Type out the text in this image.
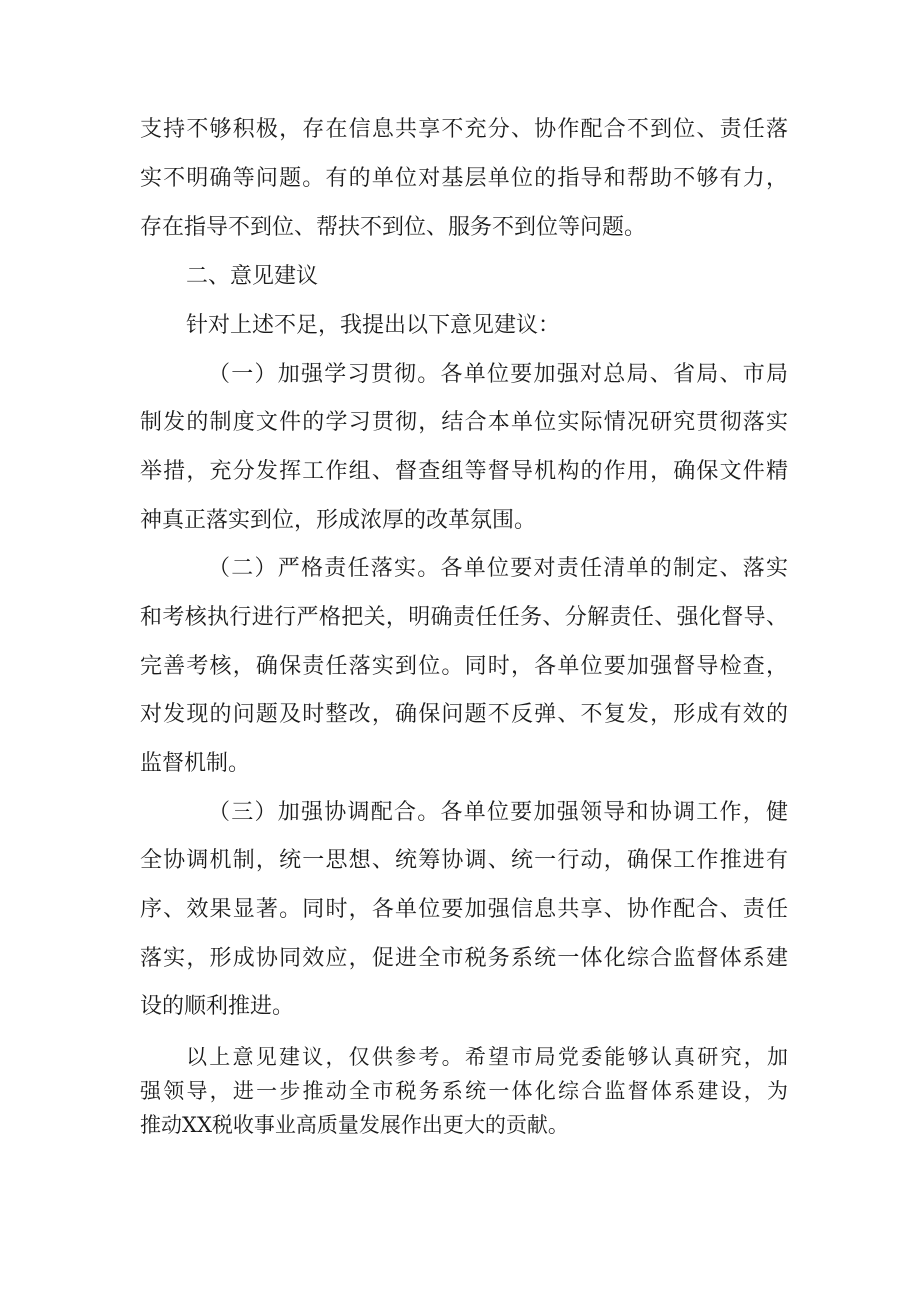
支持不够积极，存在信息共享不充分、协作配合不到位、责任落
实不明确等问题。有的单位对基层单位的指导和帮助不够有力，
存在指导不到位、帮扶不到位、服务不到位等问题。
二、意见建议
针对上述不足，我提出以下意见建议：
（一）加强学习贯彻。各单位要加强对总局、省局、市局
制发的制度文件的学习贯彻，结合本单位实际情况研究贯彻落实
举措，充分发挥工作组、督查组等督导机构的作用，确保文件精
神真正落实到位，形成浓厚的改革氛围。
（二）严格责任落实。各单位要对责任清单的制定、落实
和考核执行进行严格把关，明确责任任务、分解责任、强化督导、
完善考核，确保责任落实到位。同时，各单位要加强督导检查，
对发现的问题及时整改，确保问题不反弹、不复发，形成有效的
监督机制。
（三）加强协调配合。各单位要加强领导和协调工作，健
全协调机制，统一思想、统筹协调、统一行动，确保工作推进有
序、效果显著。同时，各单位要加强信息共享、协作配合、责任
落实，形成协同效应，促进全市税务系统一体化综合监督体系建
设的顺利推进。
以上意见建议，仅供参考。希望市局党委能够认真研究，加
强领导，进一步推动全市税务系统一体化综合监督体系建设，为
推动XX税收事业高质量发展作出更大的贡献。
